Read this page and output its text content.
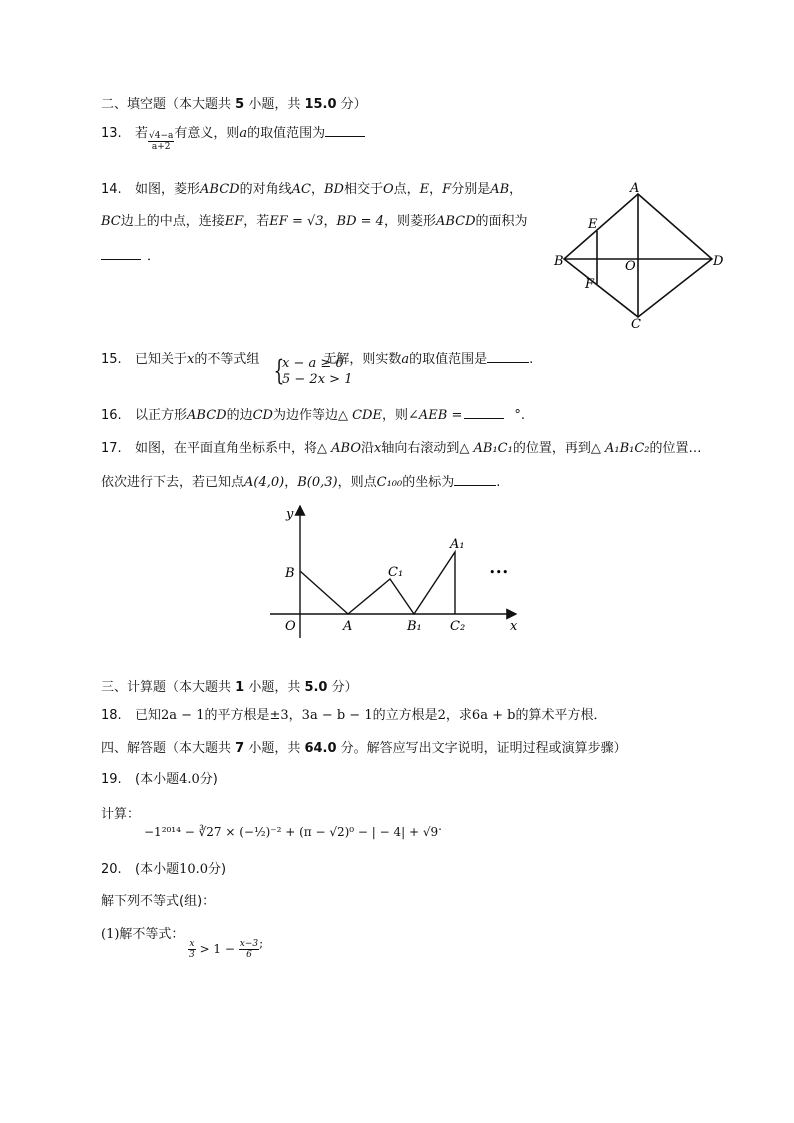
二、填空题（本大题共 5 小题，共 15.0 分）
13. 若 $\frac{√4-a}{a+2}$ 有意义，则a的取值范围为
14. 如图，菱形ABCD的对角线AC，BD相交于O点，E，F分别是AB，
BC边上的中点，连接EF，若EF = √3，BD = 4，则菱形ABCD的面积为
．
A
B
C
D
E
F
O
15. 已知关于x的不等式组	无解，则实数a的取值范围是	.
{
x − a ≥ 0
5 − 2x > 1
16. 以正方形ABCD的边CD为边作等边△ CDE，则∠AEB =	°.
17. 如图，在平面直角坐标系中，将△ ABO沿x轴向右滚动到△ AB₁C₁的位置，再到△ A₁B₁C₂的位置…
依次进行下去，若已知点A(4,0)，B(0,3)，则点C₁₀₀的坐标为	.
y
x
O
B
A
C₁
B₁
A₁
C₂
•••
三、计算题（本大题共 1 小题，共 5.0 分）
18. 已知2a − 1的平方根是±3，3a − b − 1的立方根是2，求6a + b的算术平方根．
四、解答题（本大题共 7 小题，共 64.0 分。解答应写出文字说明，证明过程或演算步骤）
19. (本小题4.0分)
计算：
−1²⁰¹⁴ − ∛27 × (−½)⁻² + (π − √2)⁰ − | − 4| + √9.
20. (本小题10.0分)
解下列不等式(组)：
(1)解不等式：
$\frac{x}{3} > 1 - \frac{x-3}{6}$ ;
